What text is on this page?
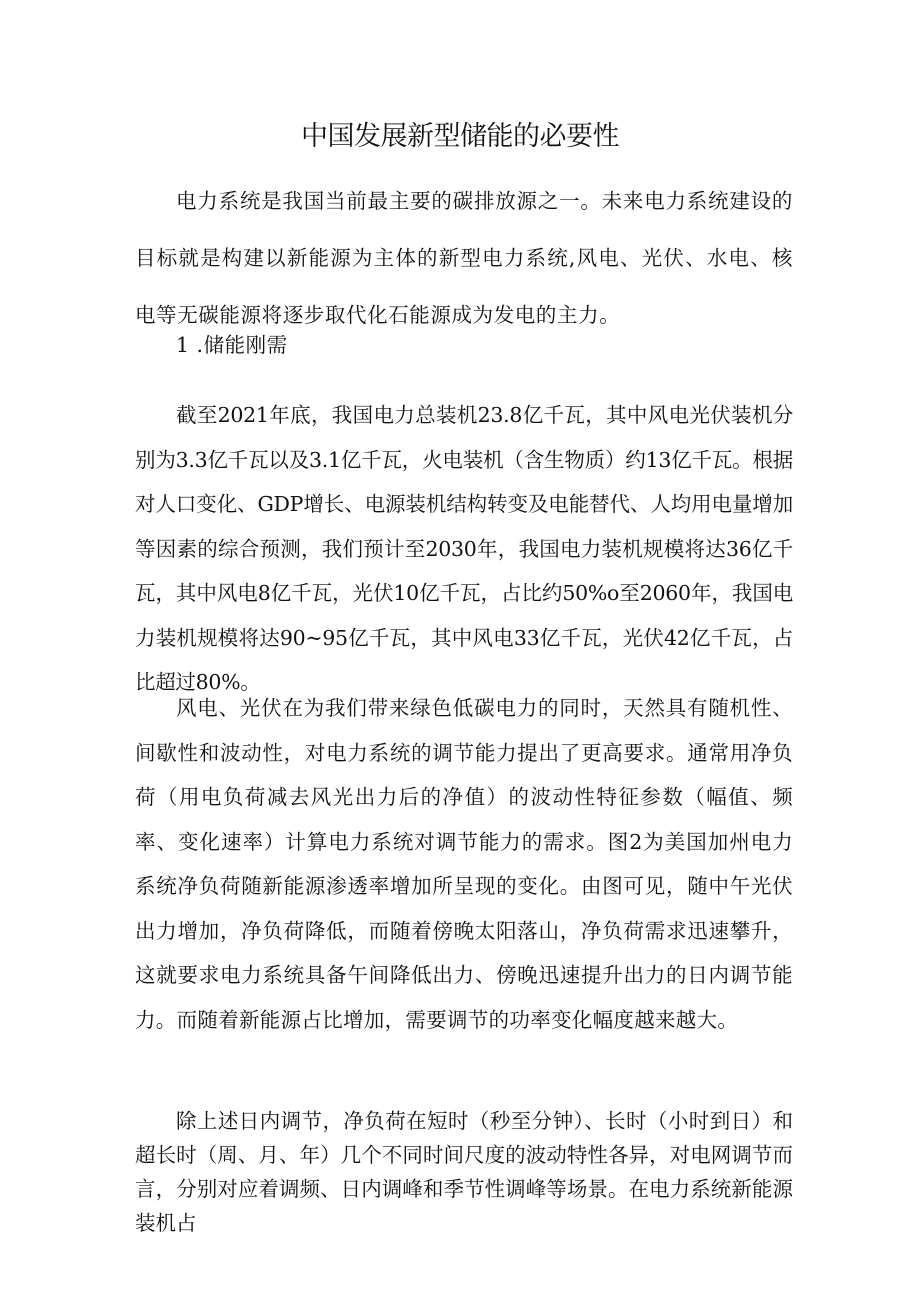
中国发展新型储能的必要性

电力系统是我国当前最主要的碳排放源之一。未来电力系统建设的目标就是构建以新能源为主体的新型电力系统,风电、光伏、水电、核电等无碳能源将逐步取代化石能源成为发电的主力。

1 .储能刚需

截至2021年底，我国电力总装机23.8亿千瓦，其中风电光伏装机分别为3.3亿千瓦以及3.1亿千瓦，火电装机（含生物质）约13亿千瓦。根据对人口变化、GDP增长、电源装机结构转变及电能替代、人均用电量增加等因素的综合预测，我们预计至2030年，我国电力装机规模将达36亿千瓦，其中风电8亿千瓦，光伏10亿千瓦，占比约50%o至2060年，我国电力装机规模将达90~95亿千瓦，其中风电33亿千瓦，光伏42亿千瓦，占比超过80%。

风电、光伏在为我们带来绿色低碳电力的同时，天然具有随机性、间歇性和波动性，对电力系统的调节能力提出了更高要求。通常用净负荷（用电负荷减去风光出力后的净值）的波动性特征参数（幅值、频率、变化速率）计算电力系统对调节能力的需求。图2为美国加州电力系统净负荷随新能源渗透率增加所呈现的变化。由图可见，随中午光伏出力增加，净负荷降低，而随着傍晚太阳落山，净负荷需求迅速攀升，这就要求电力系统具备午间降低出力、傍晚迅速提升出力的日内调节能力。而随着新能源占比增加，需要调节的功率变化幅度越来越大。

除上述日内调节，净负荷在短时（秒至分钟）、长时（小时到日）和超长时（周、月、年）几个不同时间尺度的波动特性各异，对电网调节而言，分别对应着调频、日内调峰和季节性调峰等场景。在电力系统新能源装机占
